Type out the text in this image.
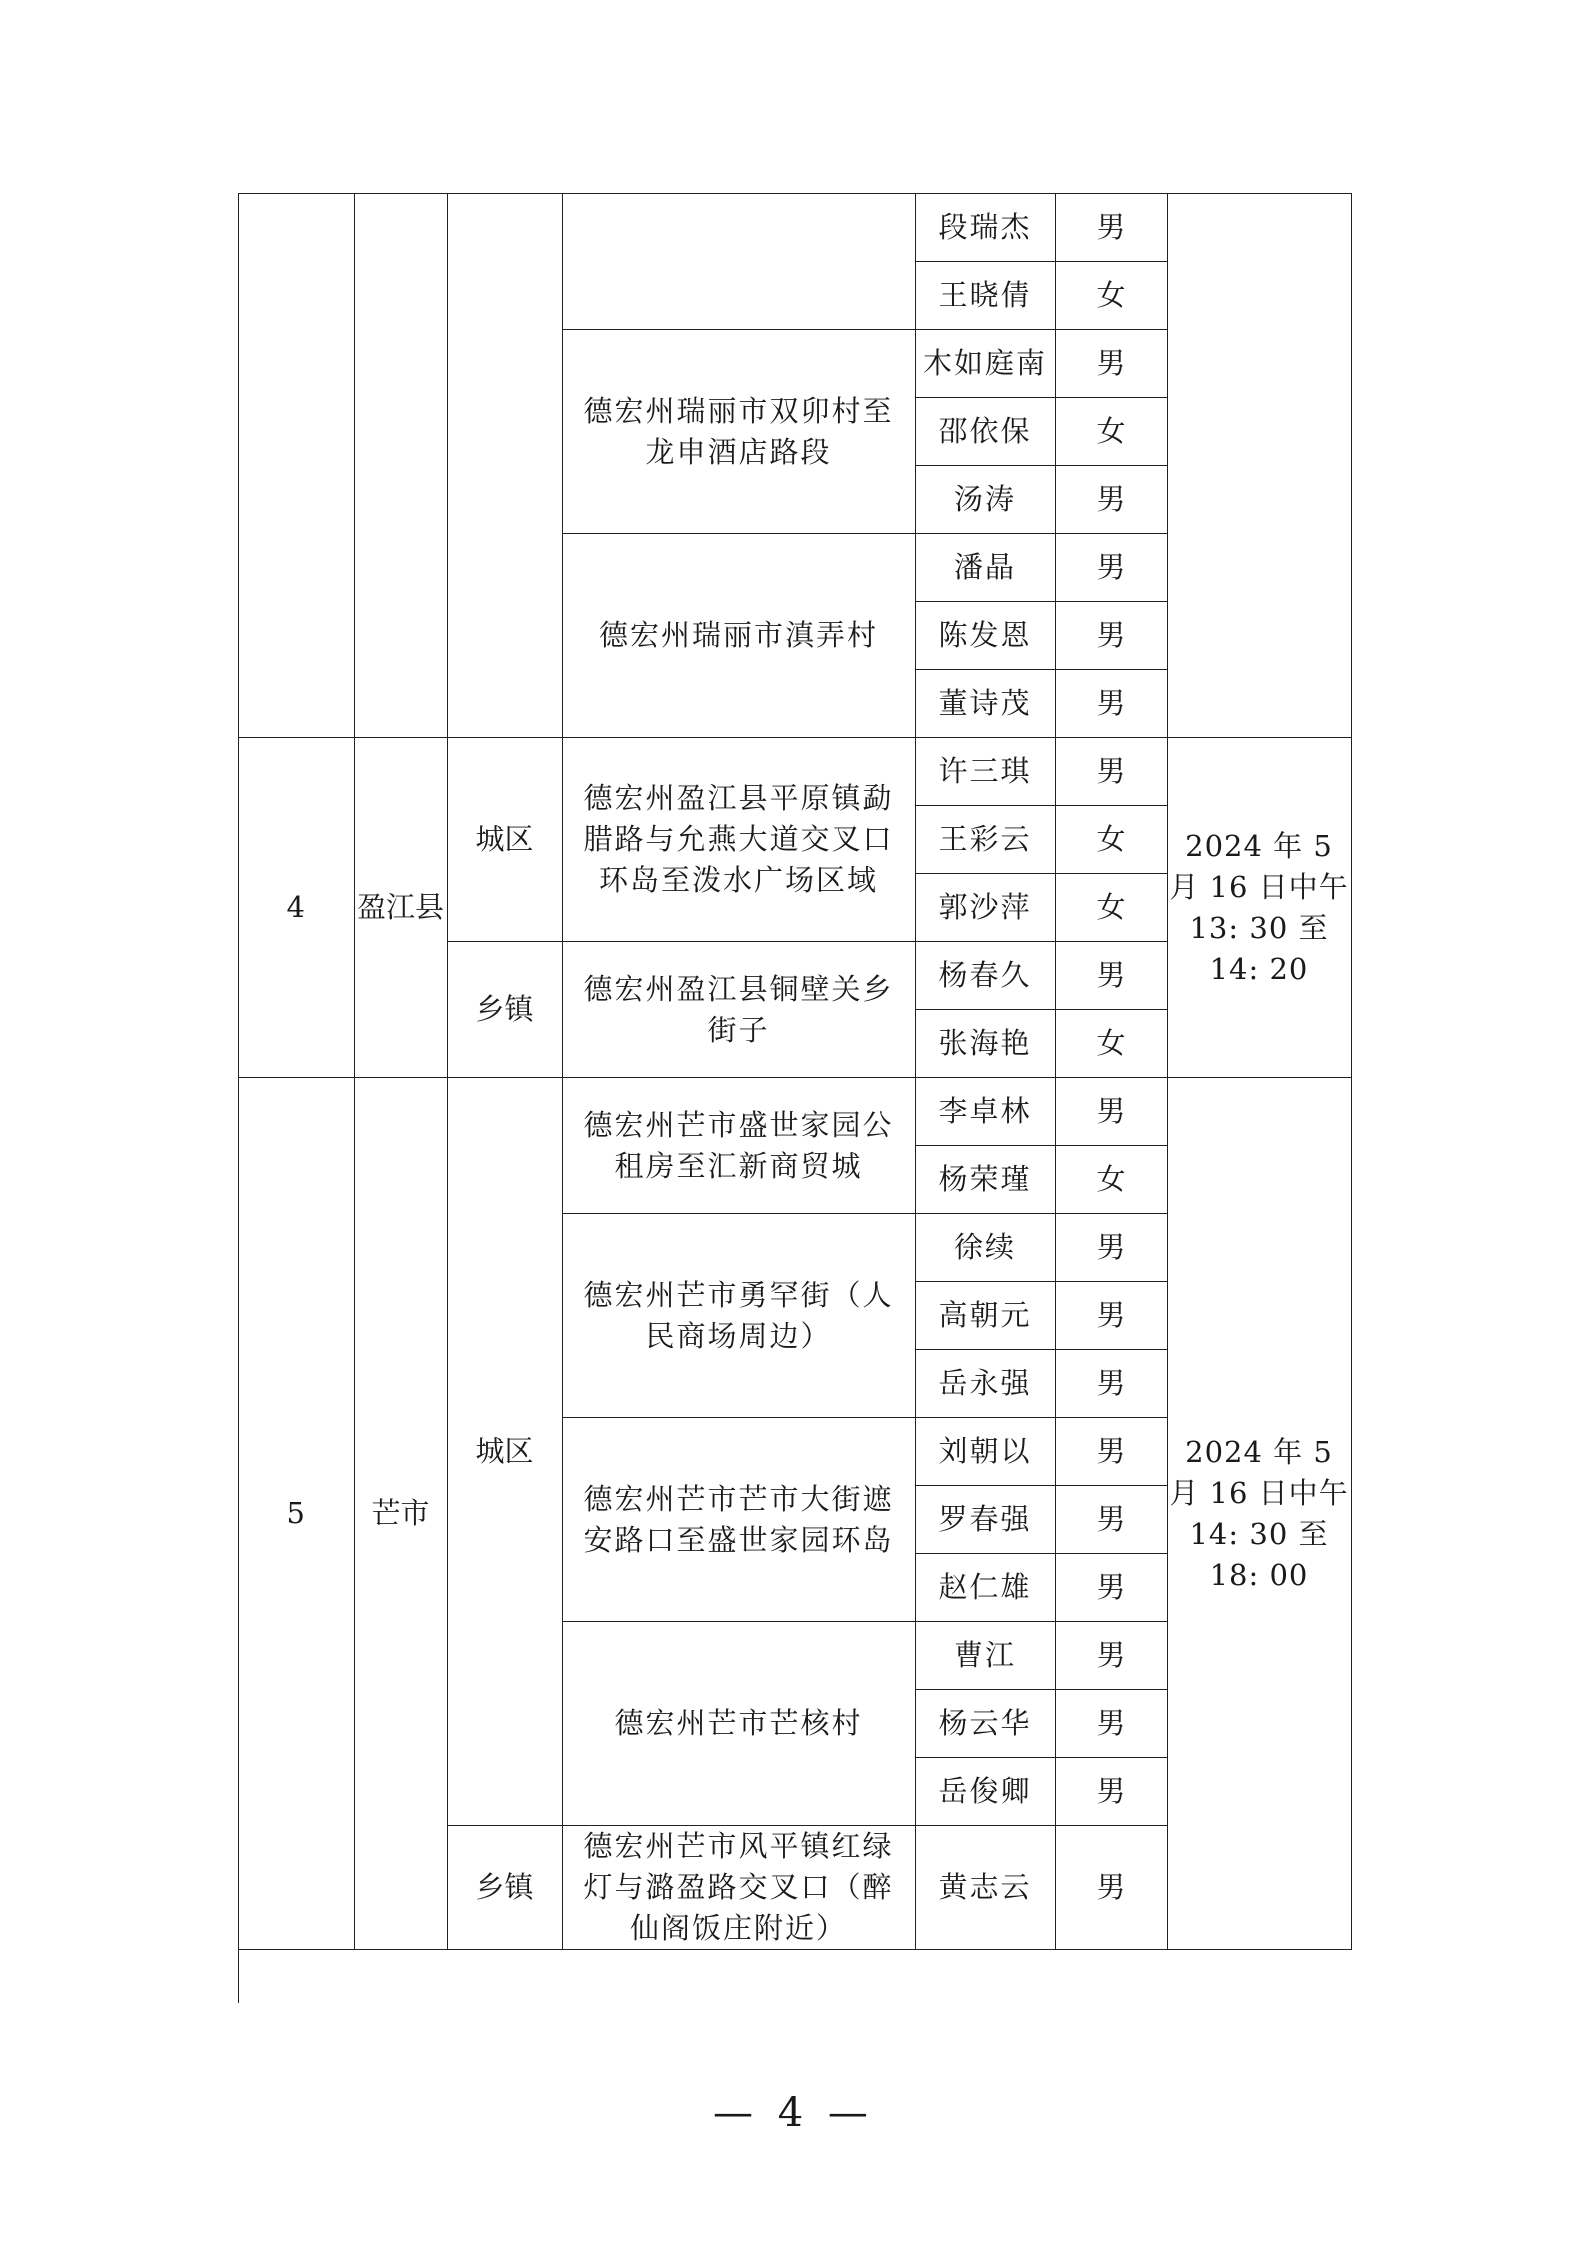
				段瑞杰	男	
				王晓倩	女	
			德宏州瑞丽市双卯村至龙申酒店路段	木如庭南	男	
				邵依保	女	
				汤涛	男	
			德宏州瑞丽市滇弄村	潘晶	男	
				陈发恩	男	
				董诗茂	男	
4	盈江县	城区	德宏州盈江县平原镇勐腊路与允燕大道交叉口环岛至泼水广场区域	许三琪	男	2024 年 5 月 16 日中午 13: 30 至 14: 20
				王彩云	女	
				郭沙萍	女	
		乡镇	德宏州盈江县铜壁关乡街子	杨春久	男	
				张海艳	女	
5	芒市	城区	德宏州芒市盛世家园公租房至汇新商贸城	李卓林	男	2024 年 5 月 16 日中午 14: 30 至 18: 00
				杨荣瑾	女	
			德宏州芒市勇罕街（人民商场周边）	徐续	男	
				高朝元	男	
				岳永强	男	
			德宏州芒市芒市大街遮安路口至盛世家园环岛	刘朝以	男	
				罗春强	男	
				赵仁雄	男	
			德宏州芒市芒核村	曹江	男	
				杨云华	男	
				岳俊卿	男	
		乡镇	德宏州芒市风平镇红绿灯与潞盈路交叉口（醉仙阁饭庄附近）	黄志云	男	
— 4 —
